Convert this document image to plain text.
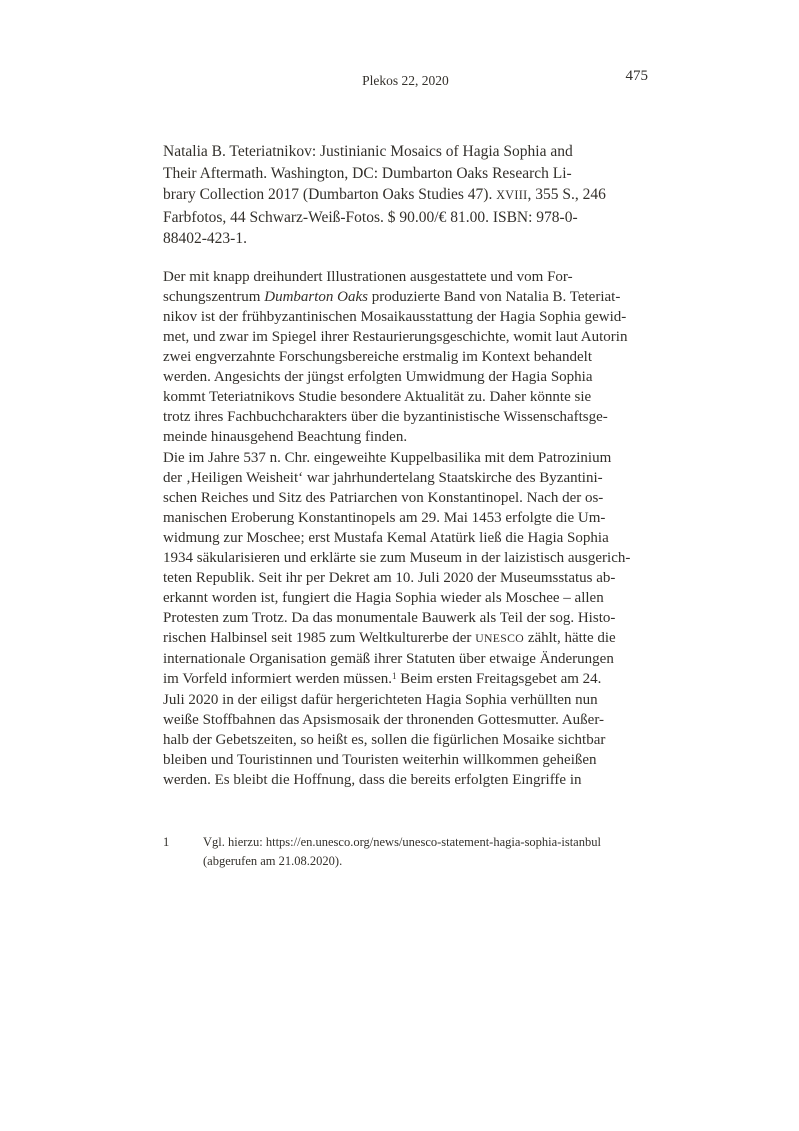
Plekos 22, 2020	475
Natalia B. Teteriatnikov: Justinianic Mosaics of Hagia Sophia and
Their Aftermath. Washington, DC: Dumbarton Oaks Research Li-
brary Collection 2017 (Dumbarton Oaks Studies 47). XVIII, 355 S., 246
Farbfotos, 44 Schwarz-Weiß-Fotos. $ 90.00/€ 81.00. ISBN: 978-0-
88402-423-1.
Der mit knapp dreihundert Illustrationen ausgestattete und vom For-
schungszentrum Dumbarton Oaks produzierte Band von Natalia B. Teteriat-
nikov ist der frühbyzantinischen Mosaikausstattung der Hagia Sophia gewid-
met, und zwar im Spiegel ihrer Restaurierungsgeschichte, womit laut Autorin
zwei engverzahnte Forschungsbereiche erstmalig im Kontext behandelt
werden. Angesichts der jüngst erfolgten Umwidmung der Hagia Sophia
kommt Teteriatnikovs Studie besondere Aktualität zu. Daher könnte sie
trotz ihres Fachbuchcharakters über die byzantinistische Wissenschaftsge-
meinde hinausgehend Beachtung finden.
Die im Jahre 537 n. Chr. eingeweihte Kuppelbasilika mit dem Patrozinium
der ‚Heiligen Weisheit‘ war jahrhundertelang Staatskirche des Byzantini-
schen Reiches und Sitz des Patriarchen von Konstantinopel. Nach der os-
manischen Eroberung Konstantinopels am 29. Mai 1453 erfolgte die Um-
widmung zur Moschee; erst Mustafa Kemal Atatürk ließ die Hagia Sophia
1934 säkularisieren und erklärte sie zum Museum in der laizistisch ausgerich-
teten Republik. Seit ihr per Dekret am 10. Juli 2020 der Museumsstatus ab-
erkannt worden ist, fungiert die Hagia Sophia wieder als Moschee – allen
Protesten zum Trotz. Da das monumentale Bauwerk als Teil der sog. Histo-
rischen Halbinsel seit 1985 zum Weltkulturerbe der UNESCO zählt, hätte die
internationale Organisation gemäß ihrer Statuten über etwaige Änderungen
im Vorfeld informiert werden müssen.$^1$ Beim ersten Freitagsgebet am 24.
Juli 2020 in der eiligst dafür hergerichteten Hagia Sophia verhüllten nun
weiße Stoffbahnen das Apsismosaik der thronenden Gottesmutter. Außer-
halb der Gebetszeiten, so heißt es, sollen die figürlichen Mosaike sichtbar
bleiben und Touristinnen und Touristen weiterhin willkommen geheißen
werden. Es bleibt die Hoffnung, dass die bereits erfolgten Eingriffe in
1	Vgl. hierzu: https://en.unesco.org/news/unesco-statement-hagia-sophia-istanbul
(abgerufen am 21.08.2020).
